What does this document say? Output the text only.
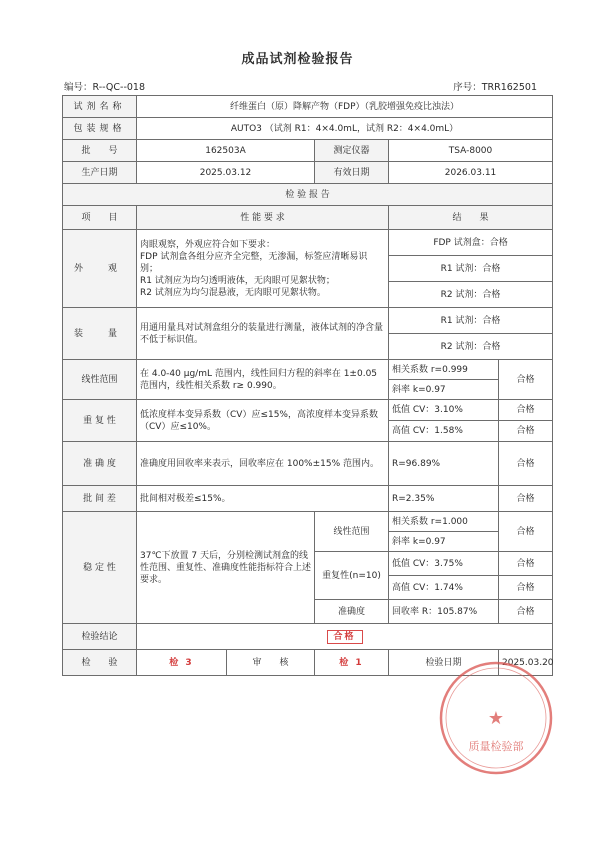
成品试剂检验报告
编号：R--QC--018	序号：TRR162501
试剂名称	纤维蛋白（原）降解产物（FDP）（乳胶增强免疫比浊法）				
包装规格	AUTO3 （试剂 R1：4×4.0mL，试剂 R2：4×4.0mL）				
批　　号	162503A		测定仪器	TSA-8000	
生产日期	2025.03.12		有效日期	2026.03.11	
检 验 报 告					
项　　目	性 能 要 求			结　　果	
外　观	肉眼观察，外观应符合如下要求：
FDP 试剂盒各组分应齐全完整，无渗漏，标签应清晰易识别；
R1 试剂应为均匀透明液体，无肉眼可见絮状物；
R2 试剂应为均匀混悬液，无肉眼可见絮状物。			FDP 试剂盒：合格	
				R1 试剂：合格	
				R2 试剂：合格	
装　量	用通用量具对试剂盒组分的装量进行测量，液体试剂的净含量不低于标识值。			R1 试剂：合格	
				R2 试剂：合格	
线性范围	在 4.0-40 μg/mL 范围内，线性回归方程的斜率在 1±0.05 范围内，线性相关系数 r≥ 0.990。			相关系数 r=0.999	合格
				斜率 k=0.97	
重 复 性	低浓度样本变异系数（CV）应≤15%，高浓度样本变异系数（CV）应≤10%。			低值 CV：3.10%	合格
				高值 CV：1.58%	合格
准 确 度	准确度用回收率来表示，回收率应在 100%±15% 范围内。			R=96.89%	合格
批 间 差	批间相对极差≤15%。			R=2.35%	合格
稳 定 性	37℃下放置 7 天后，分别检测试剂盒的线性范围、重复性、准确度性能指标符合上述要求。		线性范围	相关系数 r=1.000	合格
				斜率 k=0.97	
			重复性(n=10)	低值 CV：3.75%	合格
				高值 CV：1.74%	合格
			准确度	回收率 R：105.87%	合格
检验结论	合格				
检　　验	检 3	审　　核	检 1	检验日期	2025.03.20
★
质量检验部
